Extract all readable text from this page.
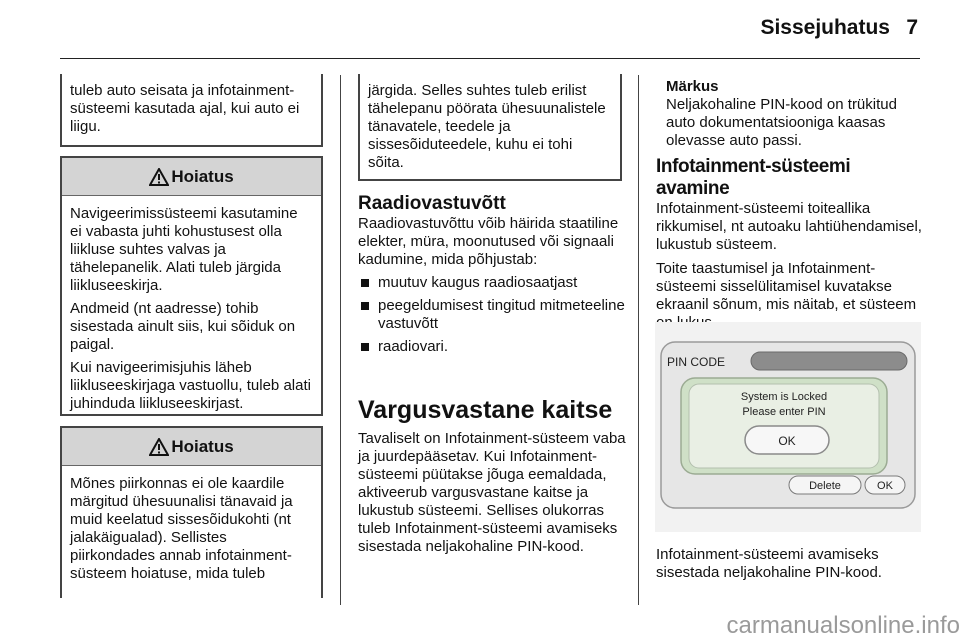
Sissejuhatus 7
tuleb auto seisata ja infotainment-süsteemi kasutada ajal, kui auto ei liigu.
Hoiatus
Navigeerimissüsteemi kasutamine ei vabasta juhti kohustusest olla liikluse suhtes valvas ja tähelepanelik. Alati tuleb järgida liikluseeskirja.
Andmeid (nt aadresse) tohib sisestada ainult siis, kui sõiduk on paigal.
Kui navigeerimisjuhis läheb liikluseeskirjaga vastuollu, tuleb alati juhinduda liikluseeskirjast.
Hoiatus
Mõnes piirkonnas ei ole kaardile märgitud ühesuunalisi tänavaid ja muid keelatud sissesõidukohti (nt jalakäigualad). Sellistes piirkondades annab infotainment-süsteem hoiatuse, mida tuleb
järgida. Selles suhtes tuleb erilist tähelepanu pöörata ühesuunalistele tänavatele, teedele ja sissesõiduteedele, kuhu ei tohi sõita.
Raadiovastuvõtt
Raadiovastuvõttu võib häirida staatiline elekter, müra, moonutused või signaali kadumine, mida põhjustab:
muutuv kaugus raadiosaatjast
peegeldumisest tingitud mitmeteeline vastuvõtt
raadiovari.
Vargusvastane kaitse
Tavaliselt on Infotainment-süsteem vaba ja juurdepääsetav. Kui Infotainment-süsteemi püütakse jõuga eemaldada, aktiveerub vargusvastane kaitse ja lukustub süsteemi. Sellises olukorras tuleb Infotainment-süsteemi avamiseks sisestada neljakohaline PIN-kood.
Märkus
Neljakohaline PIN-kood on trükitud auto dokumentatsiooniga kaasas olevasse auto passi.
Infotainment-süsteemi avamine
Infotainment-süsteemi toiteallika rikkumisel, nt autoaku lahtiühendamisel, lukustub süsteem.
Toite taastumisel ja Infotainment-süsteemi sisselülitamisel kuvatakse ekraanil sõnum, mis näitab, et süsteem
PIN CODE
System is Locked
Please enter PIN
OK
Delete	OK
Infotainment-süsteemi avamiseks sisestada neljakohaline PIN-kood.
carmanualsonline.info
